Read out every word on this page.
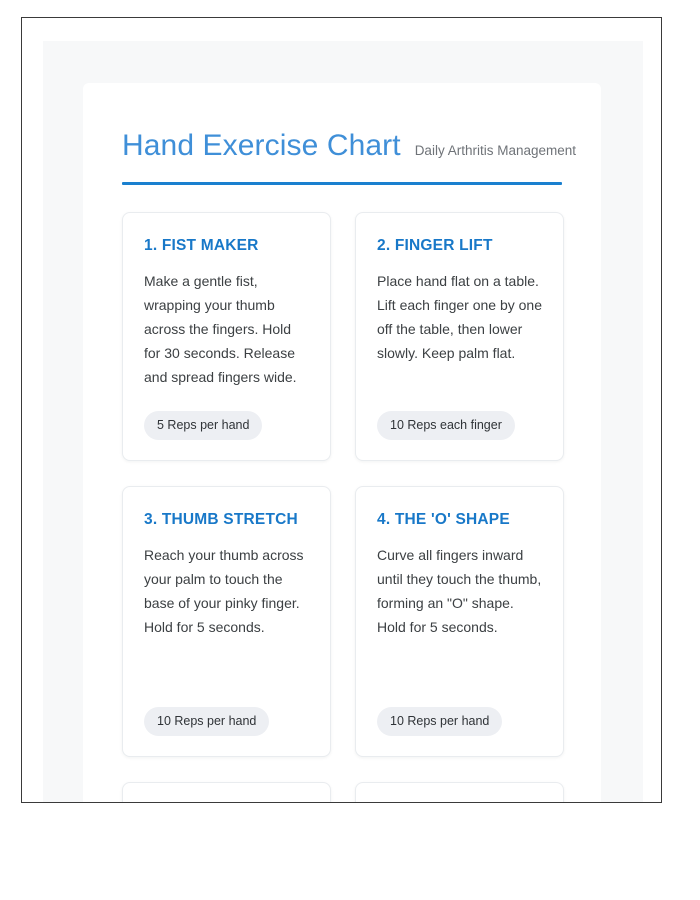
Hand Exercise Chart Daily Arthritis Management
1. FIST MAKER

Make a gentle fist, wrapping your thumb across the fingers. Hold for 30 seconds. Release and spread fingers wide.

5 Reps per hand
2. FINGER LIFT

Place hand flat on a table. Lift each finger one by one off the table, then lower slowly. Keep palm flat.

10 Reps each finger
3. THUMB STRETCH

Reach your thumb across your palm to touch the base of your pinky finger. Hold for 5 seconds.

10 Reps per hand
4. THE 'O' SHAPE

Curve all fingers inward until they touch the thumb, forming an "O" shape. Hold for 5 seconds.

10 Reps per hand
